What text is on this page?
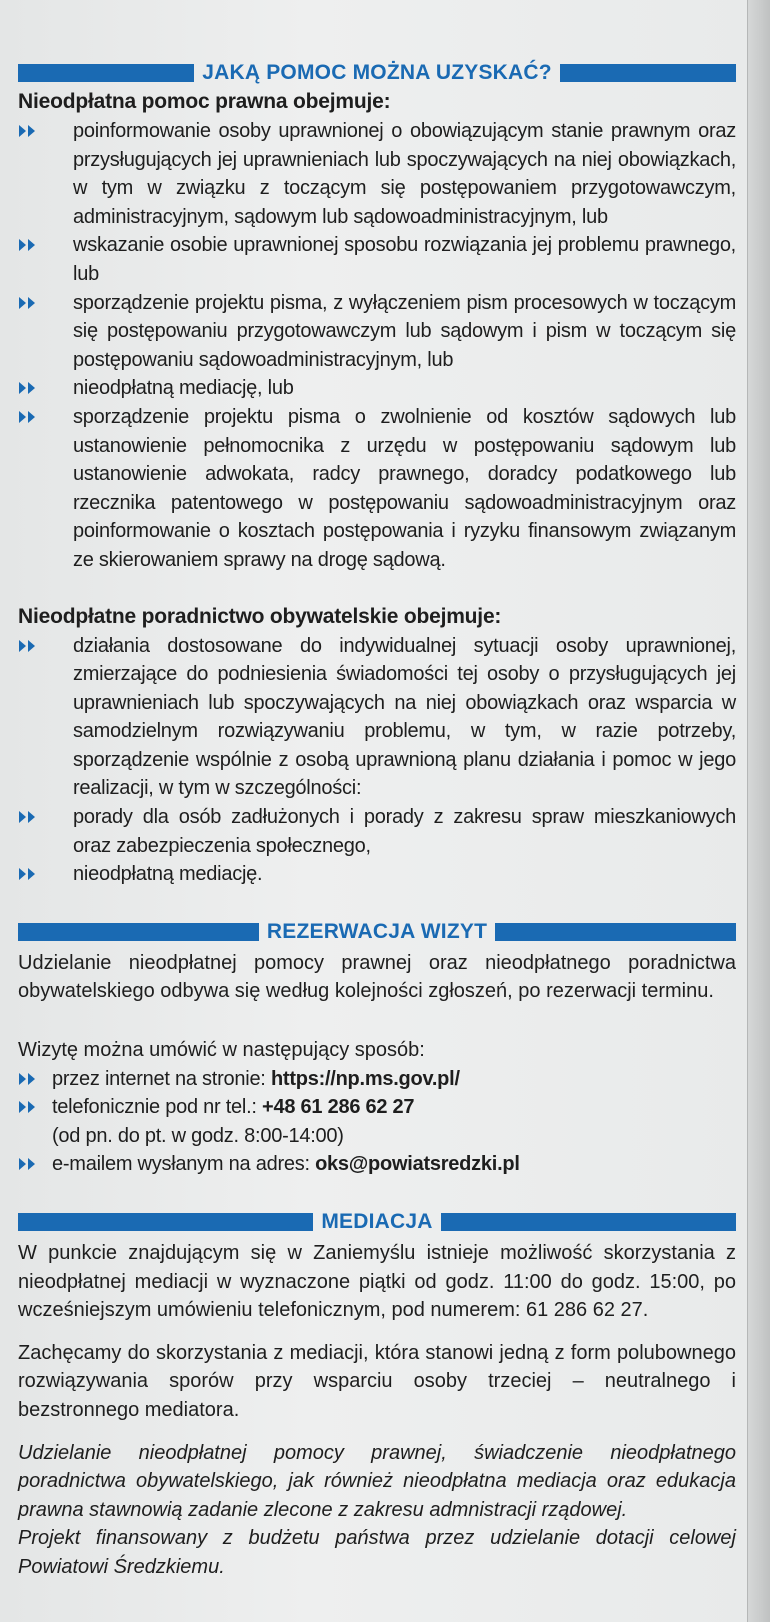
JAKĄ POMOC MOŻNA UZYSKAĆ?
Nieodpłatna pomoc prawna obejmuje:
poinformowanie osoby uprawnionej o obowiązującym stanie prawnym oraz przysługujących jej uprawnieniach lub spoczywających na niej obowiązkach, w tym w związku z toczącym się postępowaniem przygotowawczym, administracyjnym, sądowym lub sądowoadministracyjnym, lub
wskazanie osobie uprawnionej sposobu rozwiązania jej problemu prawnego, lub
sporządzenie projektu pisma, z wyłączeniem pism procesowych w toczącym się postępowaniu przygotowawczym lub sądowym i pism w toczącym się postępowaniu sądowoadministracyjnym, lub
nieodpłatną mediację, lub
sporządzenie projektu pisma o zwolnienie od kosztów sądowych lub ustanowienie pełnomocnika z urzędu w postępowaniu sądowym lub ustanowienie adwokata, radcy prawnego, doradcy podatkowego lub rzecznika patentowego w postępowaniu sądowoadministracyjnym oraz poinformowanie o kosztach postępowania i ryzyku finansowym związanym ze skierowaniem sprawy na drogę sądową.
Nieodpłatne poradnictwo obywatelskie obejmuje:
działania dostosowane do indywidualnej sytuacji osoby uprawnionej, zmierzające do podniesienia świadomości tej osoby o przysługujących jej uprawnieniach lub spoczywających na niej obowiązkach oraz wsparcia w samodzielnym rozwiązywaniu problemu, w tym, w razie potrzeby, sporządzenie wspólnie z osobą uprawnioną planu działania i pomoc w jego realizacji, w tym w szczególności:
porady dla osób zadłużonych i porady z zakresu spraw mieszkaniowych oraz zabezpieczenia społecznego,
nieodpłatną mediację.
REZERWACJA WIZYT

Udzielanie nieodpłatnej pomocy prawnej oraz nieodpłatnego poradnictwa obywatelskiego odbywa się według kolejności zgłoszeń, po rezerwacji terminu.

Wizytę można umówić w następujący sposób:

przez internet na stronie: https://np.ms.gov.pl/
telefonicznie pod nr tel.: +48 61 286 62 27
(od pn. do pt. w godz. 8:00-14:00)
e-mailem wysłanym na adres: oks@powiatsredzki.pl
MEDIACJA

W punkcie znajdującym się w Zaniemyślu istnieje możliwość skorzystania z nieodpłatnej mediacji w wyznaczone piątki od godz. 11:00 do godz. 15:00, po wcześniejszym umówieniu telefonicznym, pod numerem: 61 286 62 27.

Zachęcamy do skorzystania z mediacji, która stanowi jedną z form polubownego rozwiązywania sporów przy wsparciu osoby trzeciej – neutralnego i bezstronnego mediatora.

Udzielanie nieodpłatnej pomocy prawnej, świadczenie nieodpłatnego poradnictwa obywatelskiego, jak również nieodpłatna mediacja oraz edukacja prawna stawnowią zadanie zlecone z zakresu admnistracji rządowej.

Projekt finansowany z budżetu państwa przez udzielanie dotacji celowej Powiatowi Średzkiemu.
